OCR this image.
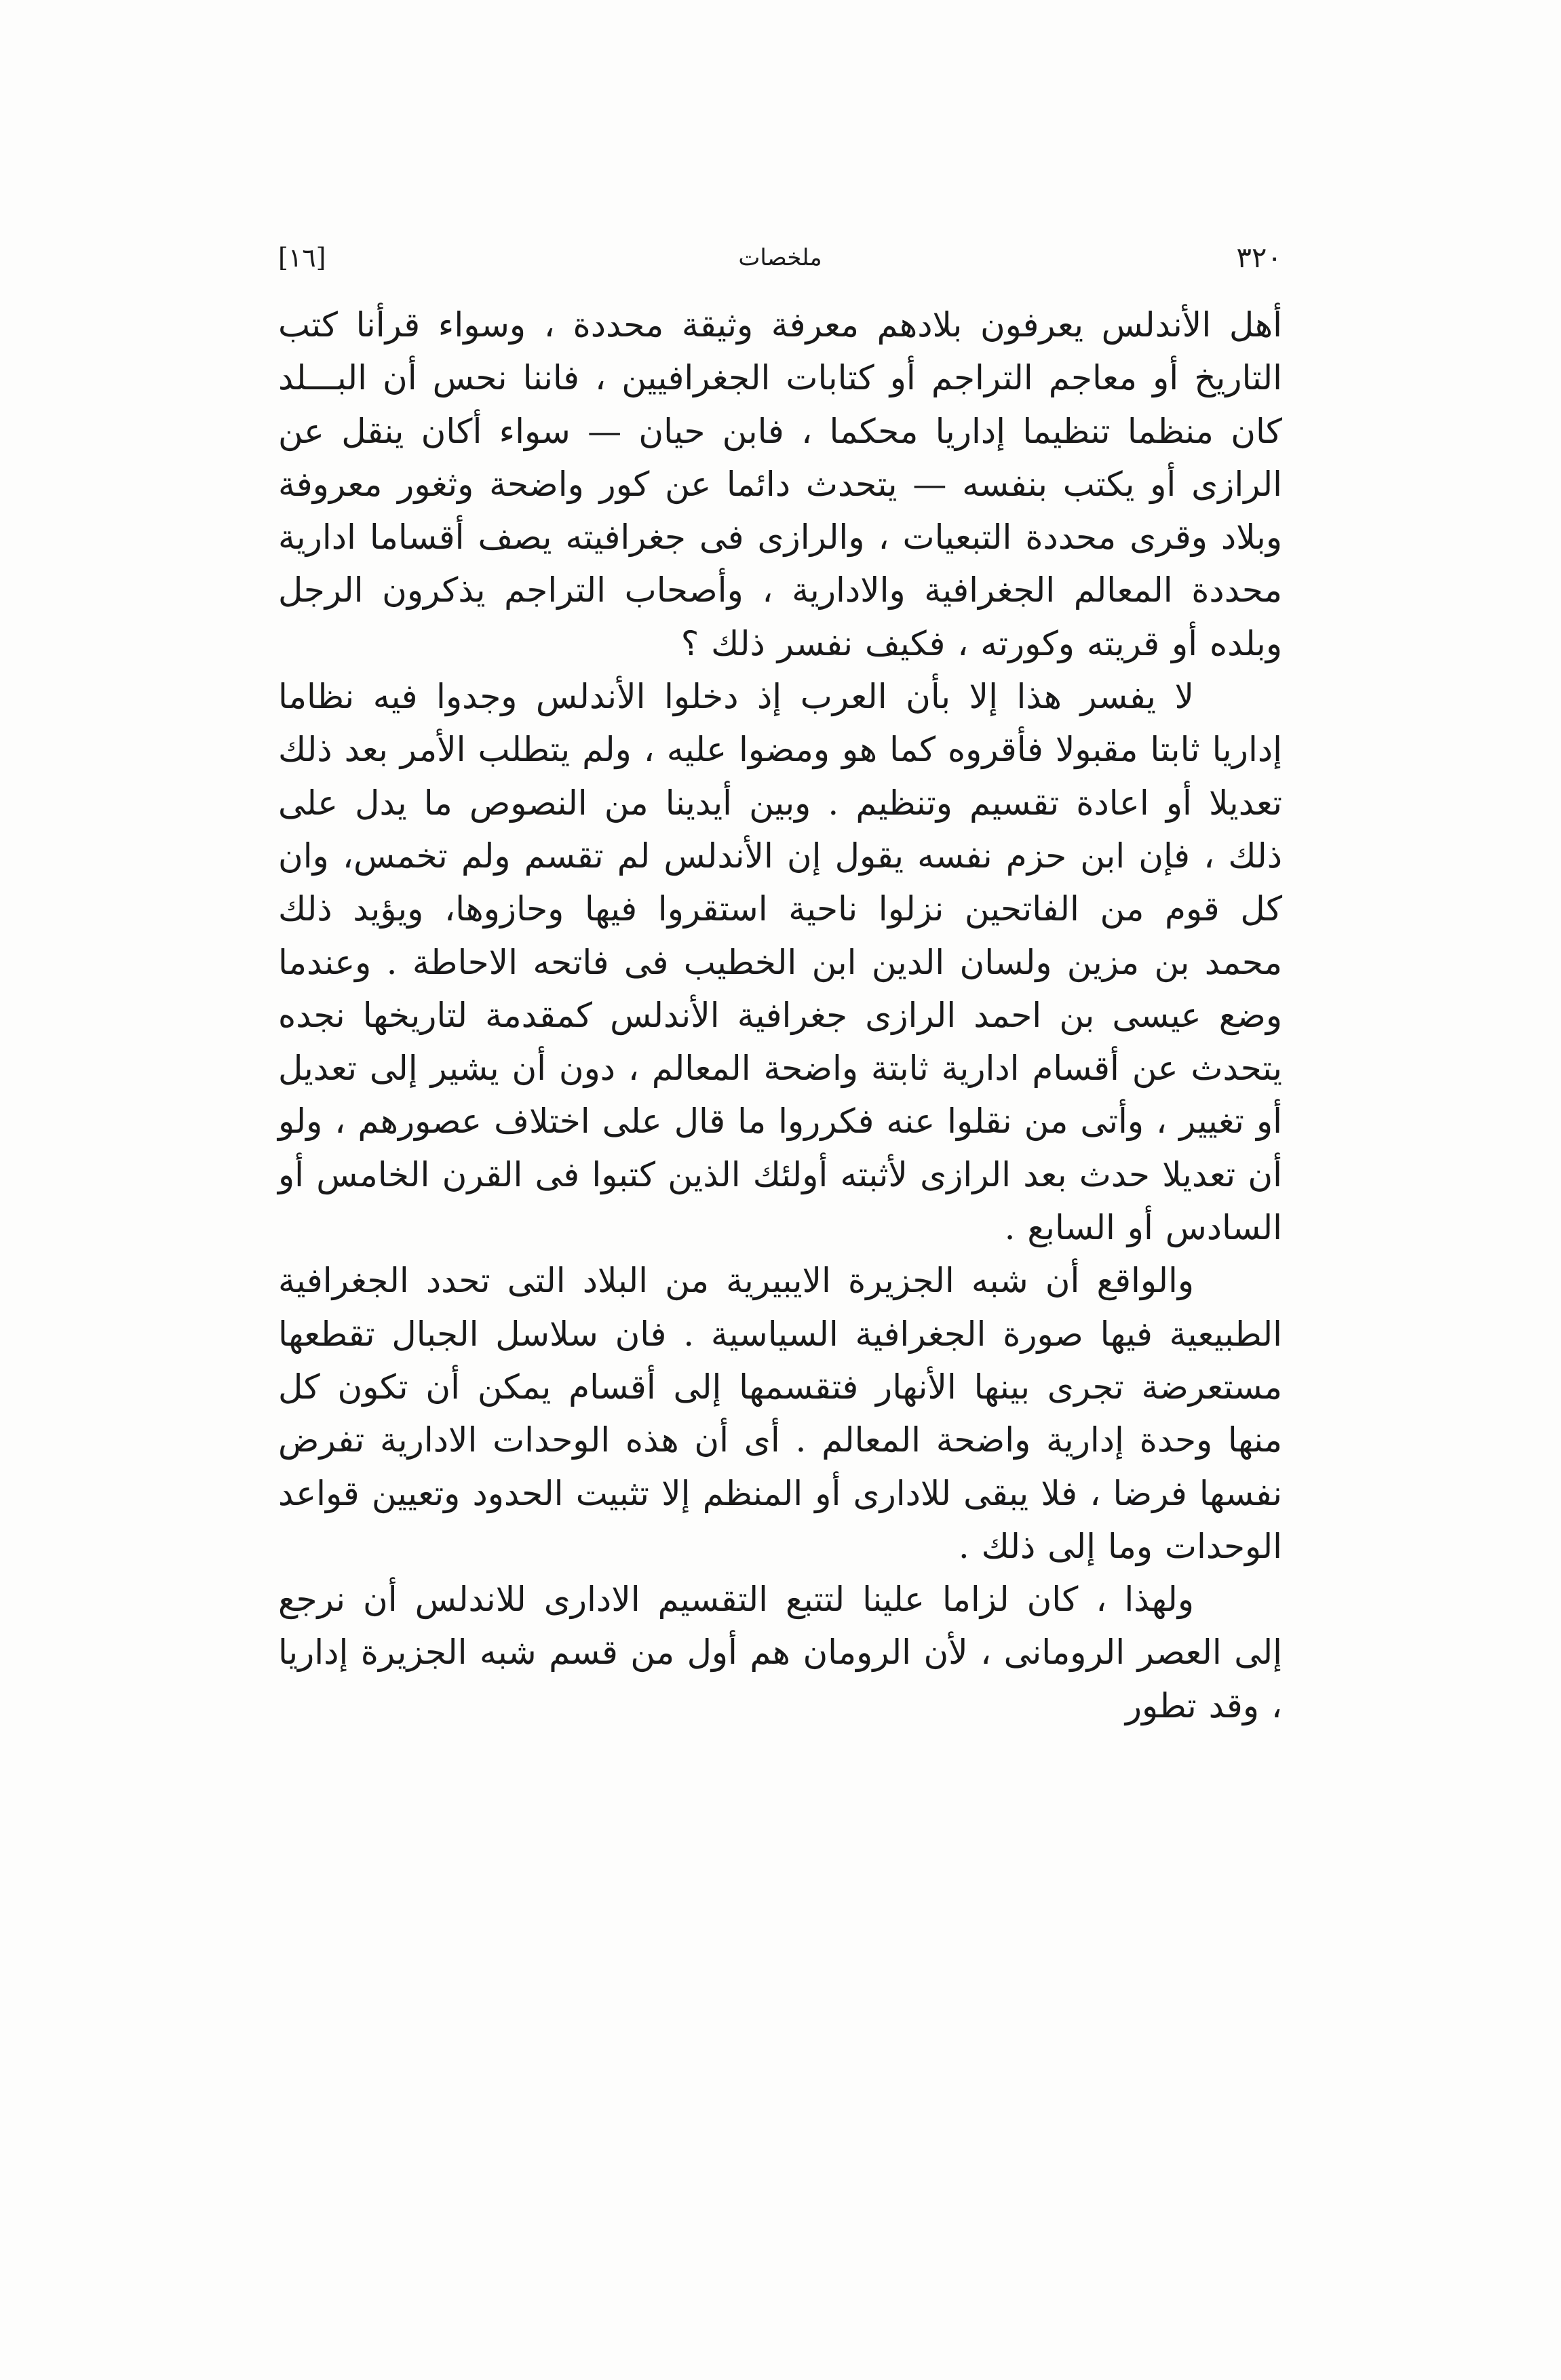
٣٢٠
ملخصات
[١٦]

أهل الأندلس يعرفون بلادهم معرفة وثيقة محددة ، وسواء قرأنا كتب التاريخ أو معاجم التراجم أو كتابات الجغرافيين ، فاننا نحس أن البـــلد كان منظما تنظيما إداريا محكما ، فابن حيان — سواء أكان ينقل عن الرازى أو يكتب بنفسه — يتحدث دائما عن كور واضحة وثغور معروفة وبلاد وقرى محددة التبعيات ، والرازى فى جغرافيته يصف أقساما ادارية محددة المعالم الجغرافية والادارية ، وأصحاب التراجم يذكرون الرجل وبلده أو قريته وكورته ، فكيف نفسر ذلك ؟

لا يفسر هذا إلا بأن العرب إذ دخلوا الأندلس وجدوا فيه نظاما إداريا ثابتا مقبولا فأقروه كما هو ومضوا عليه ، ولم يتطلب الأمر بعد ذلك تعديلا أو اعادة تقسيم وتنظيم . وبين أيدينا من النصوص ما يدل على ذلك ، فإن ابن حزم نفسه يقول إن الأندلس لم تقسم ولم تخمس، وان كل قوم من الفاتحين نزلوا ناحية استقروا فيها وحازوها، ويؤيد ذلك محمد بن مزين ولسان الدين ابن الخطيب فى فاتحه الاحاطة . وعندما وضع عيسى بن احمد الرازى جغرافية الأندلس كمقدمة لتاريخها نجده يتحدث عن أقسام ادارية ثابتة واضحة المعالم ، دون أن يشير إلى تعديل أو تغيير ، وأتى من نقلوا عنه فكرروا ما قال على اختلاف عصورهم ، ولو أن تعديلا حدث بعد الرازى لأثبته أولئك الذين كتبوا فى القرن الخامس أو السادس أو السابع .

والواقع أن شبه الجزيرة الايبيرية من البلاد التى تحدد الجغرافية الطبيعية فيها صورة الجغرافية السياسية . فان سلاسل الجبال تقطعها مستعرضة تجرى بينها الأنهار فتقسمها إلى أقسام يمكن أن تكون كل منها وحدة إدارية واضحة المعالم . أى أن هذه الوحدات الادارية تفرض نفسها فرضا ، فلا يبقى للادارى أو المنظم إلا تثبيت الحدود وتعيين قواعد الوحدات وما إلى ذلك .

ولهذا ، كان لزاما علينا لتتبع التقسيم الادارى للاندلس أن نرجع إلى العصر الرومانى ، لأن الرومان هم أول من قسم شبه الجزيرة إداريا ، وقد تطور
